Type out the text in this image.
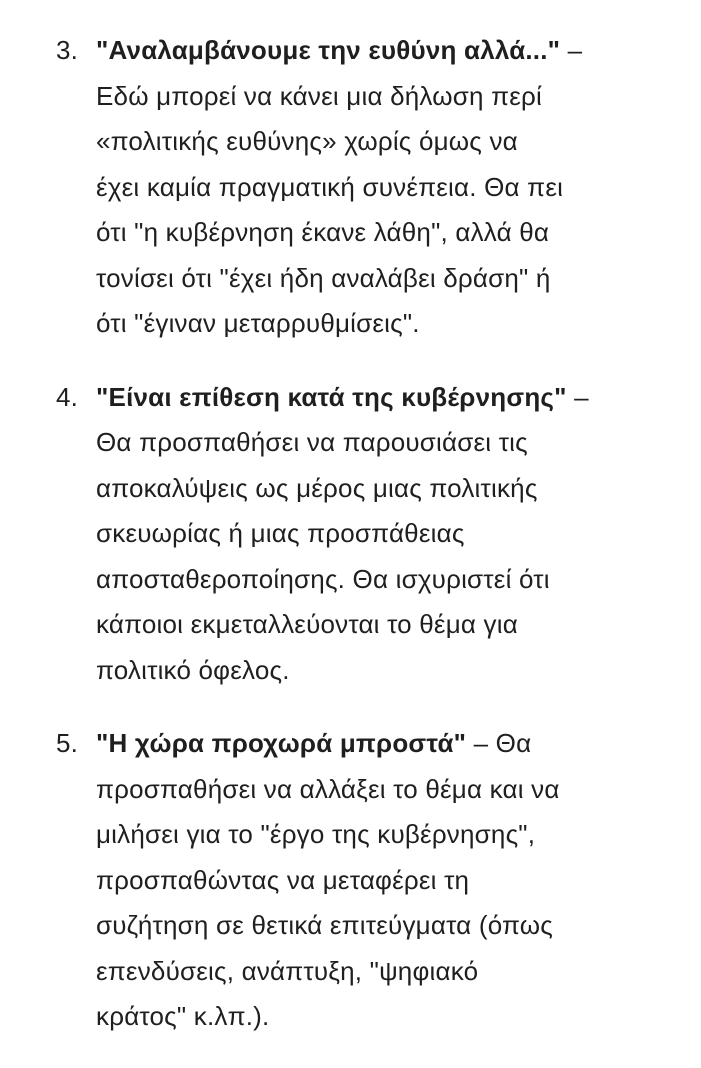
3. "Αναλαμβάνουμε την ευθύνη αλλά..." –
Εδώ μπορεί να κάνει μια δήλωση περί
«πολιτικής ευθύνης» χωρίς όμως να
έχει καμία πραγματική συνέπεια. Θα πει
ότι "η κυβέρνηση έκανε λάθη", αλλά θα
τονίσει ότι "έχει ήδη αναλάβει δράση" ή
ότι "έγιναν μεταρρυθμίσεις".
4. "Είναι επίθεση κατά της κυβέρνησης" –
Θα προσπαθήσει να παρουσιάσει τις
αποκαλύψεις ως μέρος μιας πολιτικής
σκευωρίας ή μιας προσπάθειας
αποσταθεροποίησης. Θα ισχυριστεί ότι
κάποιοι εκμεταλλεύονται το θέμα για
πολιτικό όφελος.
5. "Η χώρα προχωρά μπροστά" – Θα
προσπαθήσει να αλλάξει το θέμα και να
μιλήσει για το "έργο της κυβέρνησης",
προσπαθώντας να μεταφέρει τη
συζήτηση σε θετικά επιτεύγματα (όπως
επενδύσεις, ανάπτυξη, "ψηφιακό
κράτος" κ.λπ.).
